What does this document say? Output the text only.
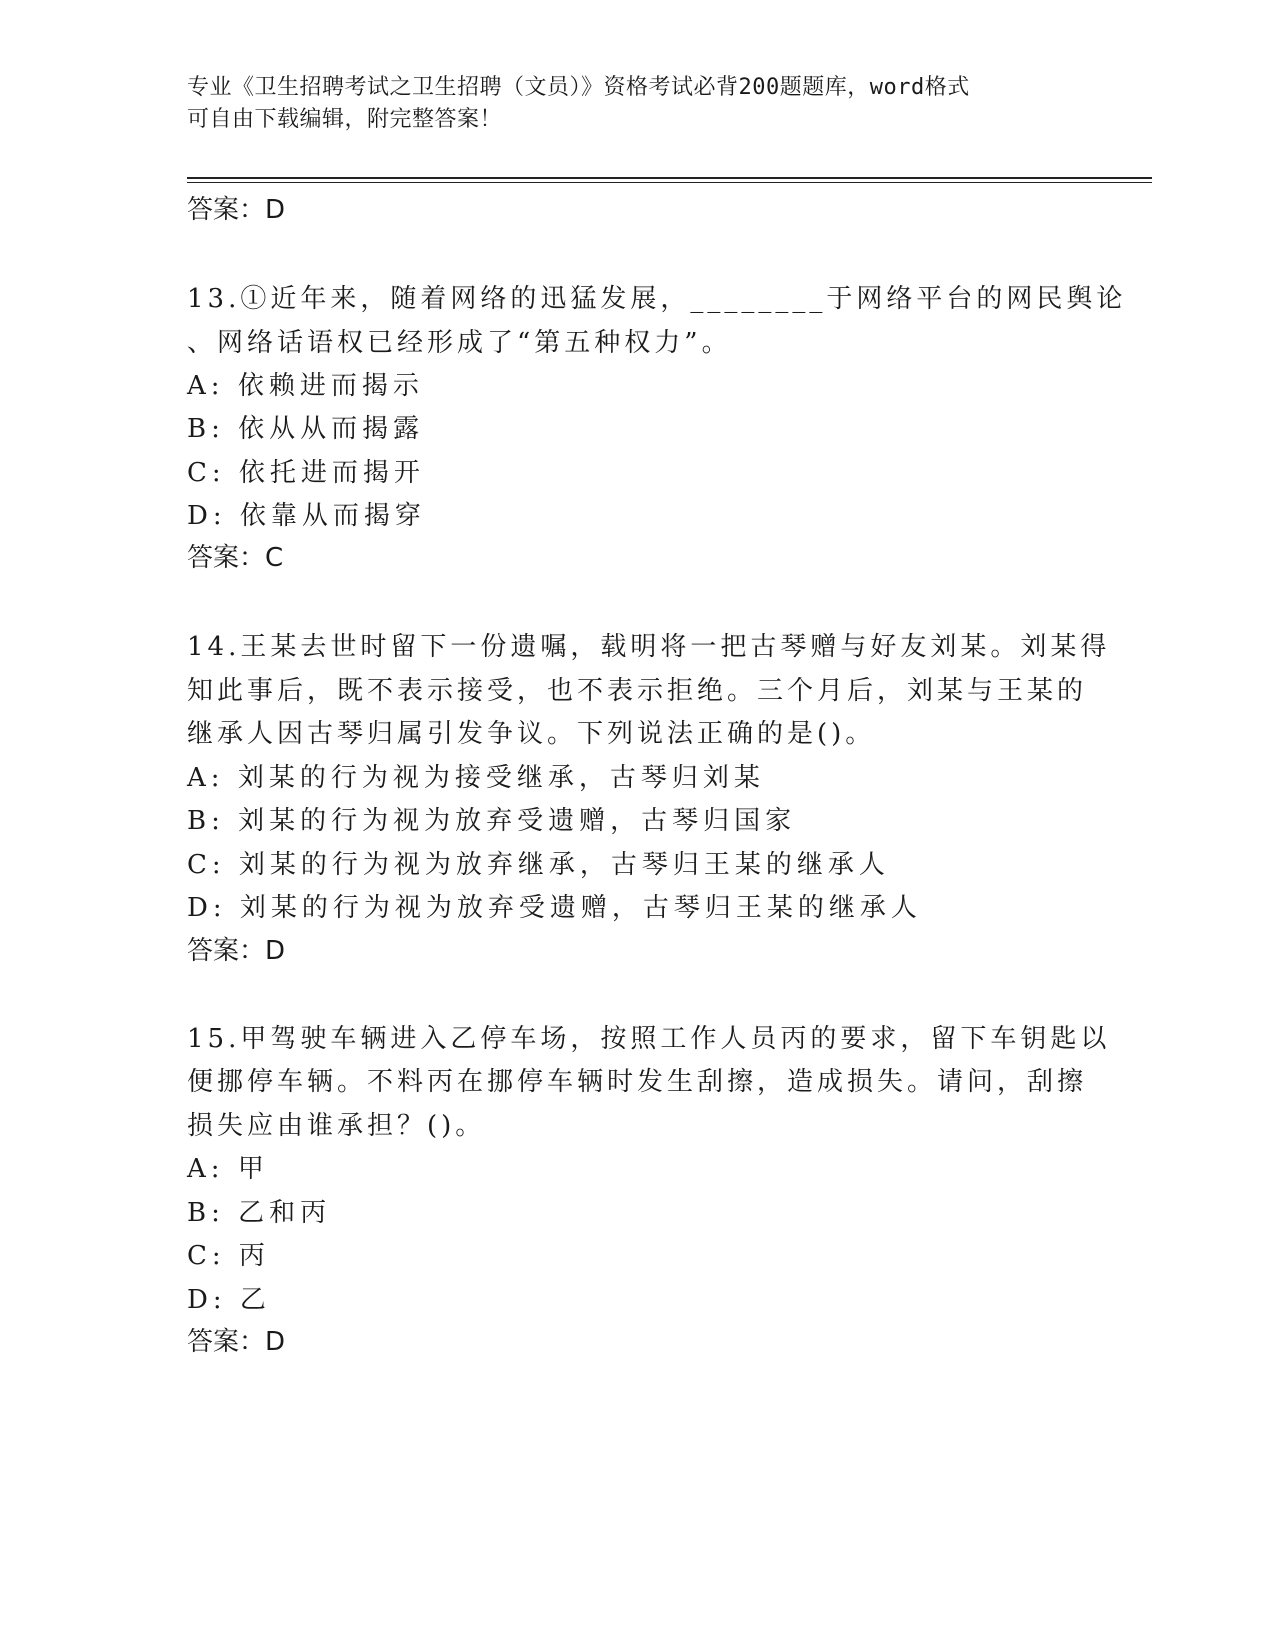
专业《卫生招聘考试之卫生招聘（文员）》资格考试必背200题题库，word格式
可自由下载编辑，附完整答案！
答案：D
13.①近年来，随着网络的迅猛发展，________于网络平台的网民舆论
、网络话语权已经形成了“第五种权力”。
A: 依赖进而揭示
B: 依从从而揭露
C: 依托进而揭开
D: 依靠从而揭穿
答案：C
14.王某去世时留下一份遗嘱，载明将一把古琴赠与好友刘某。刘某得
知此事后，既不表示接受，也不表示拒绝。三个月后，刘某与王某的
继承人因古琴归属引发争议。下列说法正确的是()。
A: 刘某的行为视为接受继承，古琴归刘某
B: 刘某的行为视为放弃受遗赠，古琴归国家
C: 刘某的行为视为放弃继承，古琴归王某的继承人
D: 刘某的行为视为放弃受遗赠，古琴归王某的继承人
答案：D
15.甲驾驶车辆进入乙停车场，按照工作人员丙的要求，留下车钥匙以
便挪停车辆。不料丙在挪停车辆时发生刮擦，造成损失。请问，刮擦
损失应由谁承担？()。
A: 甲
B: 乙和丙
C: 丙
D: 乙
答案：D
